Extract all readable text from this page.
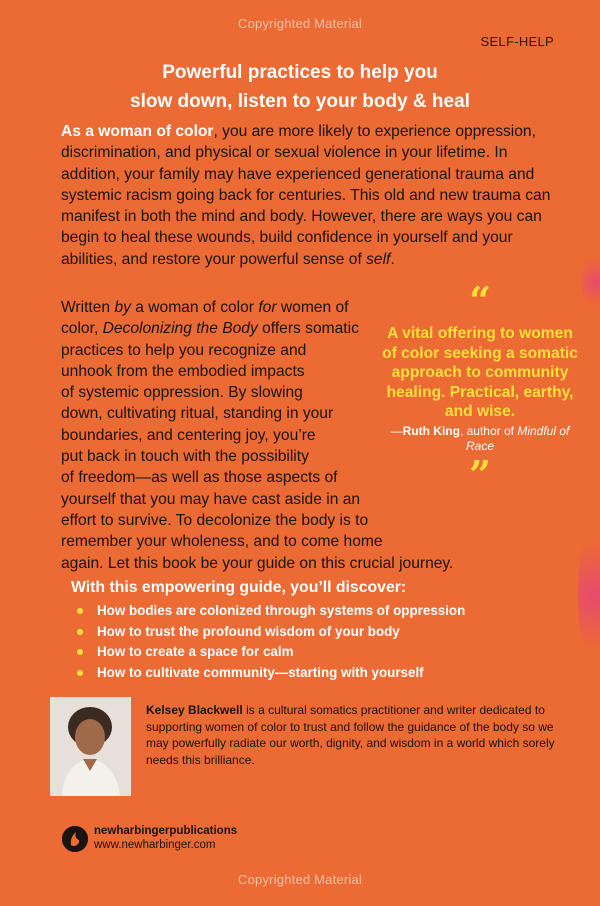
Copyrighted Material
SELF-HELP
Powerful practices to help you
slow down, listen to your body & heal

As a woman of color, you are more likely to experience oppression, discrimination, and physical or sexual violence in your lifetime. In addition, your family may have experienced generational trauma and systemic racism going back for centuries. This old and new trauma can manifest in both the mind and body. However, there are ways you can begin to heal these wounds, build confidence in yourself and your abilities, and restore your powerful sense of self.

Written by a woman of color for women of
color, Decolonizing the Body offers somatic
practices to help you recognize and
unhook from the embodied impacts
of systemic oppression. By slowing
down, cultivating ritual, standing in your
boundaries, and centering joy, you’re
put back in touch with the possibility
of freedom—as well as those aspects of
yourself that you may have cast aside in an
effort to survive. To decolonize the body is to
remember your wholeness, and to come home
again. Let this book be your guide on this crucial journey.

“
A vital offering to women of color seeking a somatic approach to community healing. Practical, earthy, and wise.
—Ruth King, author of Mindful of Race
”
With this empowering guide, you’ll discover:
How bodies are colonized through systems of oppression
How to trust the profound wisdom of your body
How to create a space for calm
How to cultivate community—starting with yourself
Kelsey Blackwell is a cultural somatics practitioner and writer dedicated to supporting women of color to trust and follow the guidance of the body so we may powerfully radiate our worth, dignity, and wisdom in a world which sorely needs this brilliance.
newharbingerpublications
www.newharbinger.com
Copyrighted Material
